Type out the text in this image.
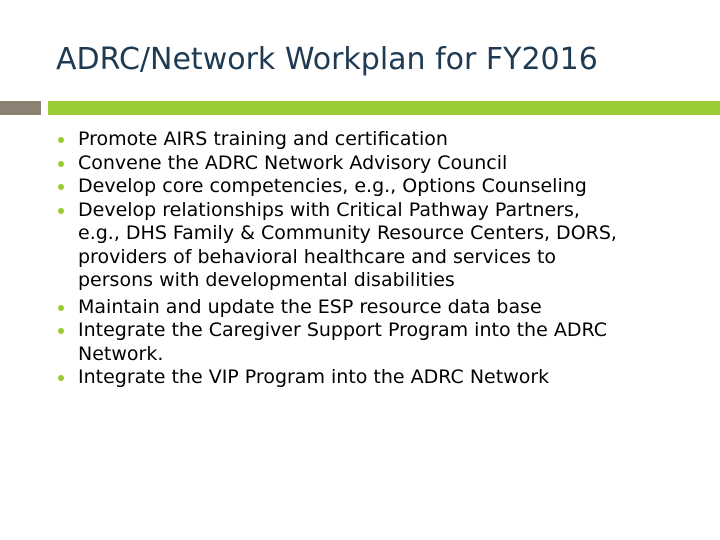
ADRC/Network Workplan for FY2016
Promote AIRS training and certification
Convene the ADRC Network Advisory Council
Develop core competencies, e.g., Options Counseling
Develop relationships with Critical Pathway Partners,
e.g., DHS Family & Community Resource Centers, DORS,
providers of behavioral healthcare and services to
persons with developmental disabilities
Maintain and update the ESP resource data base
Integrate the Caregiver Support Program into the ADRC
Network.
Integrate the VIP Program into the ADRC Network
